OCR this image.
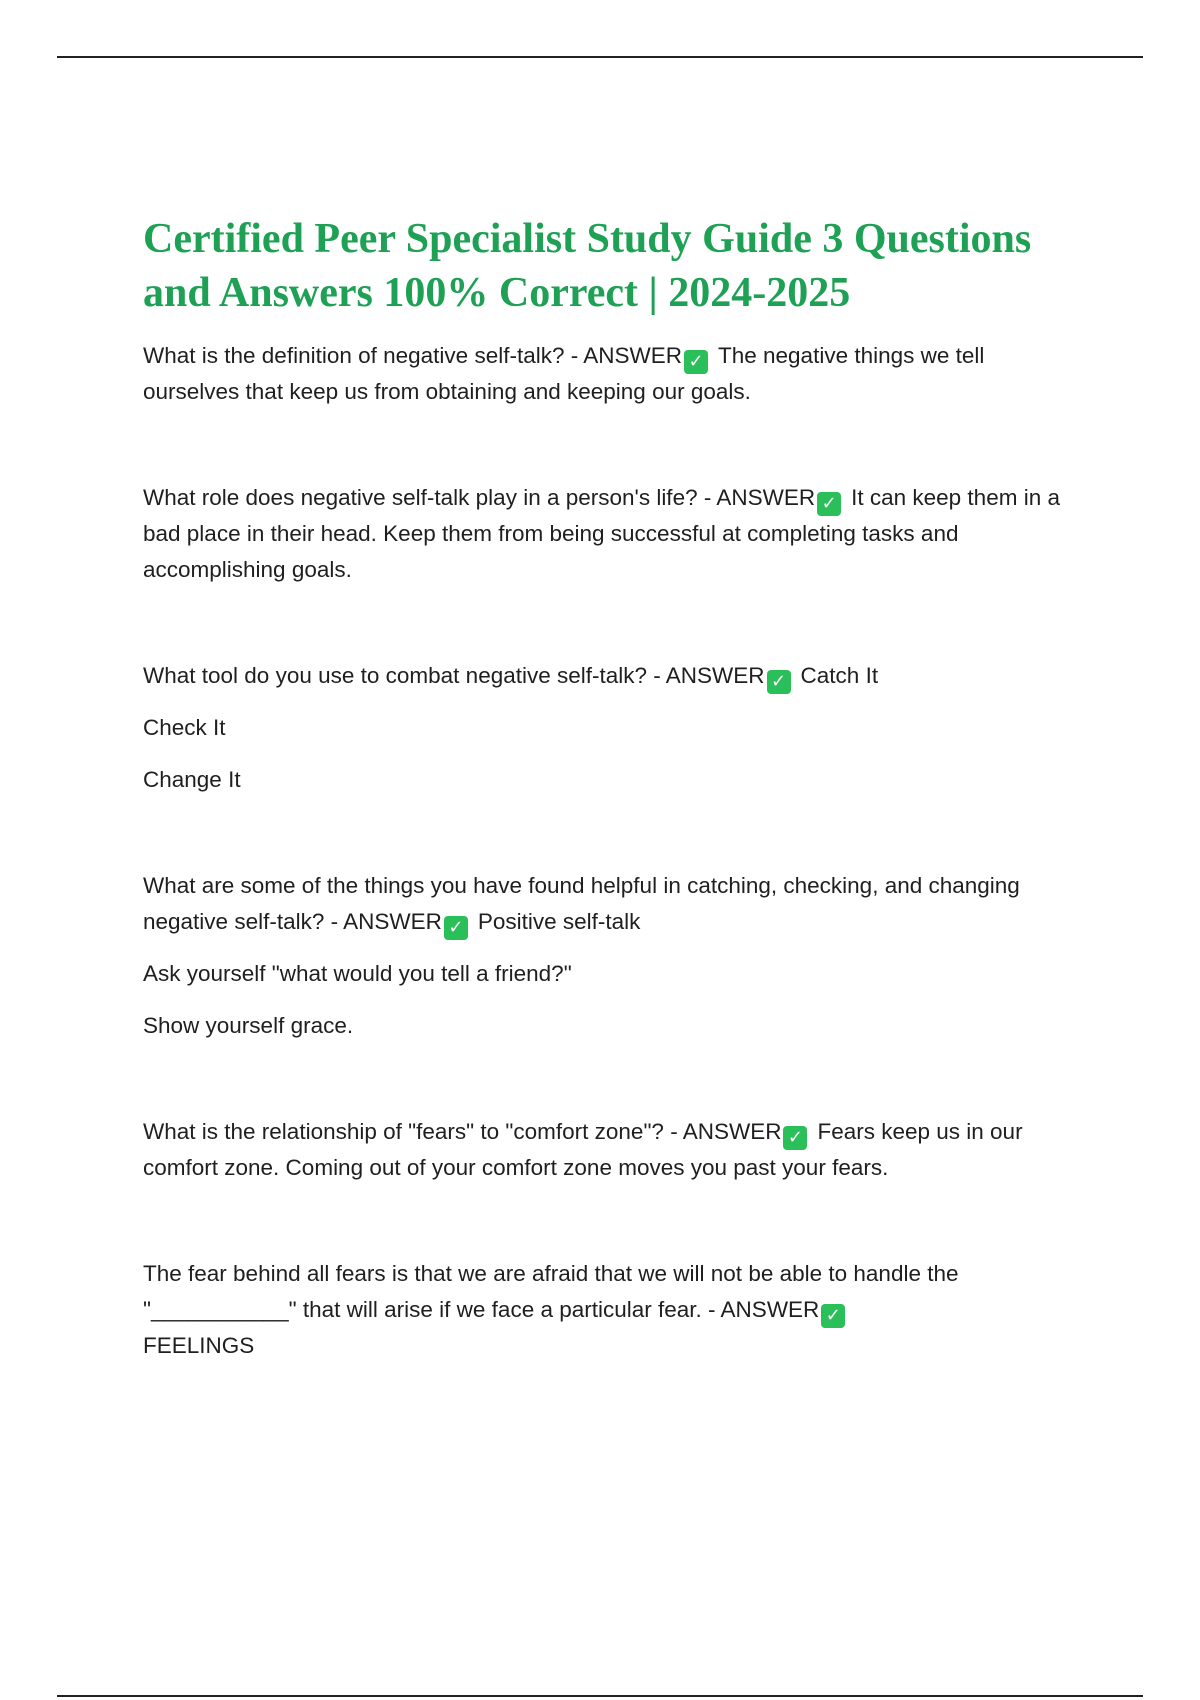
Certified Peer Specialist Study Guide 3 Questions
and Answers 100% Correct | 2024-2025

What is the definition of negative self-talk? - ANSWER ✓ The negative things we tell ourselves that keep us from obtaining and keeping our goals.

What role does negative self-talk play in a person's life? - ANSWER ✓ It can keep them in a bad place in their head. Keep them from being successful at completing tasks and accomplishing goals.

What tool do you use to combat negative self-talk? - ANSWER ✓ Catch It

Check It

Change It

What are some of the things you have found helpful in catching, checking, and changing negative self-talk? - ANSWER ✓ Positive self-talk

Ask yourself "what would you tell a friend?"

Show yourself grace.

What is the relationship of "fears" to "comfort zone"? - ANSWER ✓ Fears keep us in our comfort zone. Coming out of your comfort zone moves you past your fears.

The fear behind all fears is that we are afraid that we will not be able to handle the "___________" that will arise if we face a particular fear. - ANSWER ✓
FEELINGS
